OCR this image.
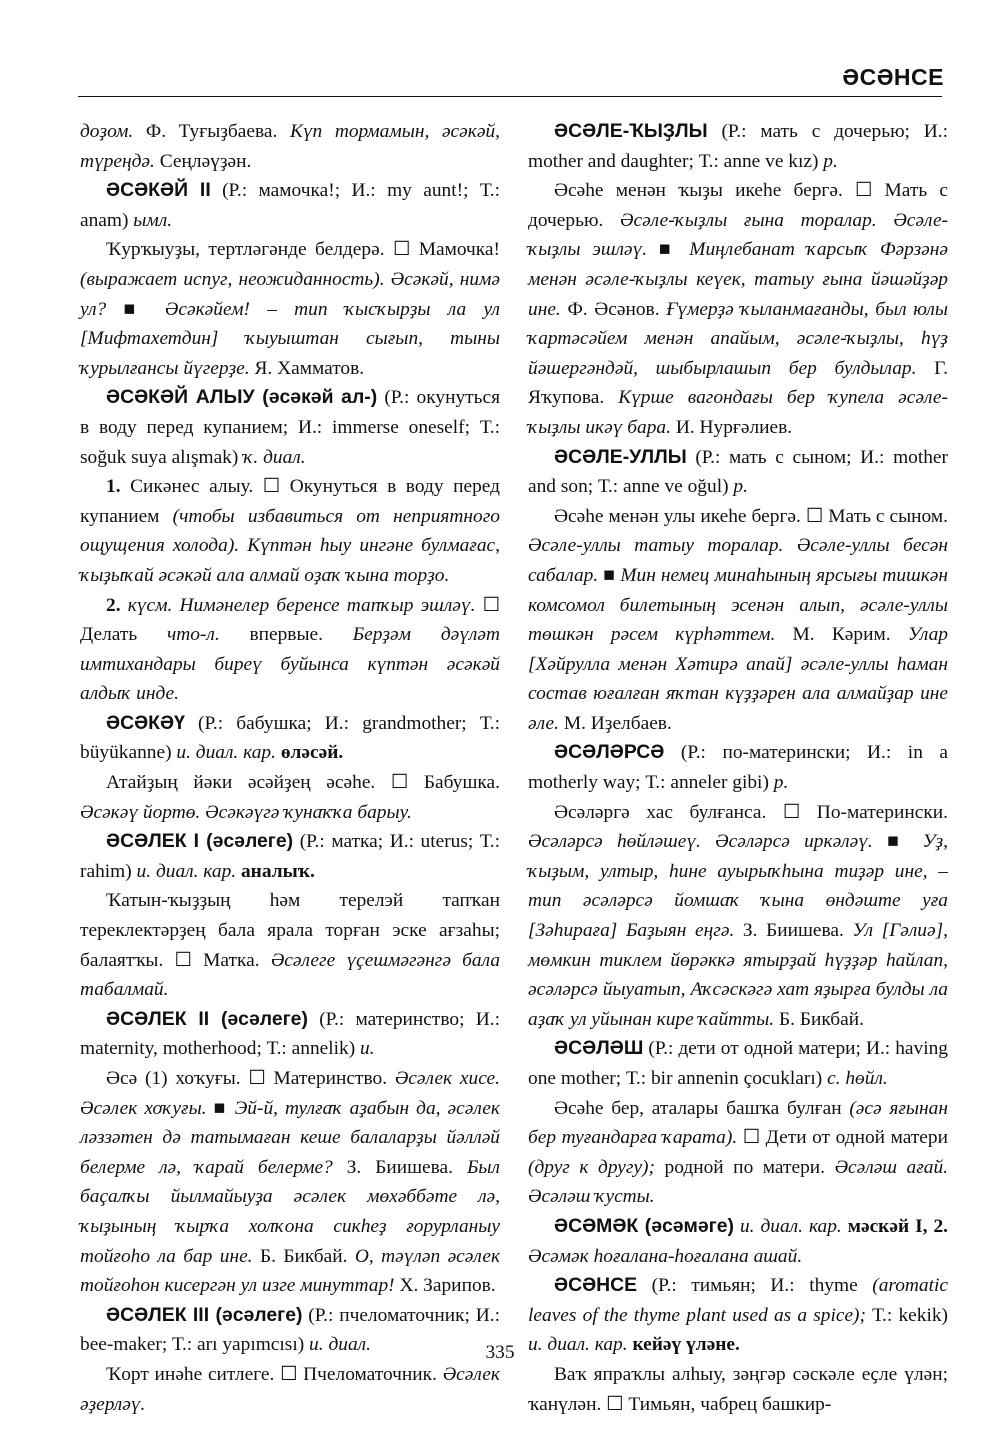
ӘСӘНСЕ

доҙом. Ф. Туғыҙбаева. Күп тормамын, әсәкәй, түреңдә. Сеңләүҙән.

ӘСӘКӘЙ II (Р.: мамочка!; И.: my aunt!; Т.: anam) ымл.

Ҡурҡыуҙы, тертләгәнде белдерә. ☐ Мамочка! (выражает испуг, неожиданность). Әсәкәй, нимә ул? ■ Әсәкәйем! – тип ҡысҡырҙы ла ул [Мифтахетдин] ҡыуыштан сығып, тыны ҡурылғансы йүгерҙе. Я. Хамматов.

ӘСӘКӘЙ АЛЫУ (әсәкәй ал-) (Р.: окунуться в воду перед купанием; И.: immerse oneself; Т.: soğuk suya alışmak) ҡ. диал.

1. Сикәнес алыу. ☐ Окунуться в воду перед купанием (чтобы избавиться от неприятного ощущения холода). Күптән һыу ингәне булмағас, ҡыҙыҡай әсәкәй ала алмай оҙаҡ ҡына торҙо.

2. күсм. Нимәнелер беренсе тапҡыр эшләү. ☐ Делать что-л. впервые. Берҙәм дәүләт имтихандары биреү буйынса күптән әсәкәй алдыҡ инде.

ӘСӘКӘҮ (Р.: бабушка; И.: grandmother; Т.: büyükanne) и. диал. кар. өләсәй.

Атайҙың йәки әсәйҙең әсәһе. ☐ Бабушка. Әсәкәү йортө. Әсәкәүгә ҡунаҡҡа барыу.

ӘСӘЛЕК I (әсәлеге) (Р.: матка; И.: uterus; Т.: rahim) и. диал. кар. аналыҡ.

Ҡатын-ҡыҙҙың һәм терелэй тапҡан тереклектәрҙең бала ярала торған эске ағзаһы; балаятҡы. ☐ Матка. Әсәлеге үҫешмәгәнгә бала табалмай.

ӘСӘЛЕК II (әсәлеге) (Р.: материнство; И.: maternity, motherhood; Т.: annelik) и.

Әсә (1) хоҡуғы. ☐ Материнство. Әсәлек хисе. Әсәлек хоҡуғы. ■ Эй-й, тулғаҡ аҙабын да, әсәлек ләззәтен дә татымаған кеше балаларҙы йәлләй белерме лә, ҡарай белерме? З. Биишева. Был баҫалҡы йылмайыуҙа әсәлек мөхәббәте лә, ҡыҙының ҡырҡа холҡона сикһеҙ ғорурланыу тойғоһо ла бар ине. Б. Бикбай. О, тәүләп әсәлек тойғоһон кисергән ул изге минуттар! Х. Зарипов.

ӘСӘЛЕК III (әсәлеге) (Р.: пчеломаточник; И.: bee-maker; Т.: arı yapımcısı) и. диал.

Ҡорт инәһе ситлеге. ☐ Пчеломаточник. Әсәлек әҙерләү.

ӘСӘЛЕ-ҠЫҘЛЫ (Р.: мать с дочерью; И.: mother and daughter; Т.: anne ve kız) р.

Әсәһе менән ҡыҙы икеһе бергә. ☐ Мать с дочерью. Әсәле-ҡыҙлы ғына торалар. Әсәле-ҡыҙлы эшләү. ■ Миңлебанат ҡарсыҡ Фәрзәнә менән әсәле-ҡыҙлы кеүек, татыу ғына йәшәйҙәр ине. Ф. Әсәнов. Ғүмерҙә ҡыланмағанды, был юлы ҡартәсәйем менән апайым, әсәле-ҡыҙлы, һүҙ йәшергәндәй, шыбырлашып бер булдылар. Г. Яҡупова. Күрше вагондағы бер ҡупела әсәле-ҡыҙлы икәү бара. И. Нурғәлиев.

ӘСӘЛЕ-УЛЛЫ (Р.: мать с сыном; И.: mother and son; Т.: anne ve oğul) р.

Әсәһе менән улы икеһе бергә. ☐ Мать с сыном. Әсәле-уллы татыу торалар. Әсәле-уллы бесән сабалар. ■ Мин немец минаһының ярсығы тишкән комсомол билетының эсенән алып, әсәле-уллы төшкән рәсем күрһәттем. М. Кәрим. Улар [Хәйрулла менән Хәтирә апай] әсәле-уллы һаман состав юғалған яҡтан күҙҙәрен ала алмайҙар ине әле. М. Иҙелбаев.

ӘСӘЛӘРСӘ (Р.: по-матерински; И.: in a motherly way; Т.: anneler gibi) р.

Әсәләргә хас булғанса. ☐ По-матерински. Әсәләрсә һөйләшеү. Әсәләрсә иркәләү. ■ Уҙ, ҡыҙым, ултыр, һине ауырыҡһына тиҙәр ине, – тип әсәләрсә йомшаҡ ҡына өндәште уға [Зәһираға] Баҙыян еңгә. З. Биишева. Ул [Гәлиә], мөмкин тиклем йөрәккә ятырҙай һүҙҙәр һайлап, әсәләрсә йыуатып, Аҡсәскәгә хат яҙырға булды ла аҙаҡ ул уйынан кире ҡайтты. Б. Бикбай.

ӘСӘЛӘШ (Р.: дети от одной матери; И.: having one mother; Т.: bir annenin çocukları) с. һөйл.

Әсәһе бер, аталары башҡа булған (әсә яғынан бер туғандарға ҡарата). ☐ Дети от одной матери (друг к другу); родной по матери. Әсәләш ағай. Әсәләш ҡусты.

ӘСӘМӘК (әсәмәге) и. диал. кар. мәскәй I, 2. Әсәмәк һоғалана-һоғалана ашай.

ӘСӘНСЕ (Р.: тимьян; И.: thyme (aromatic leaves of the thyme plant used as a spice); Т.: kekik) и. диал. кар. кейәү үләне.

Ваҡ япраҡлы алһыу, зәңгәр сәскәле еҫле үлән; ҡанүлән. ☐ Тимьян, чабрец башкир-

335
